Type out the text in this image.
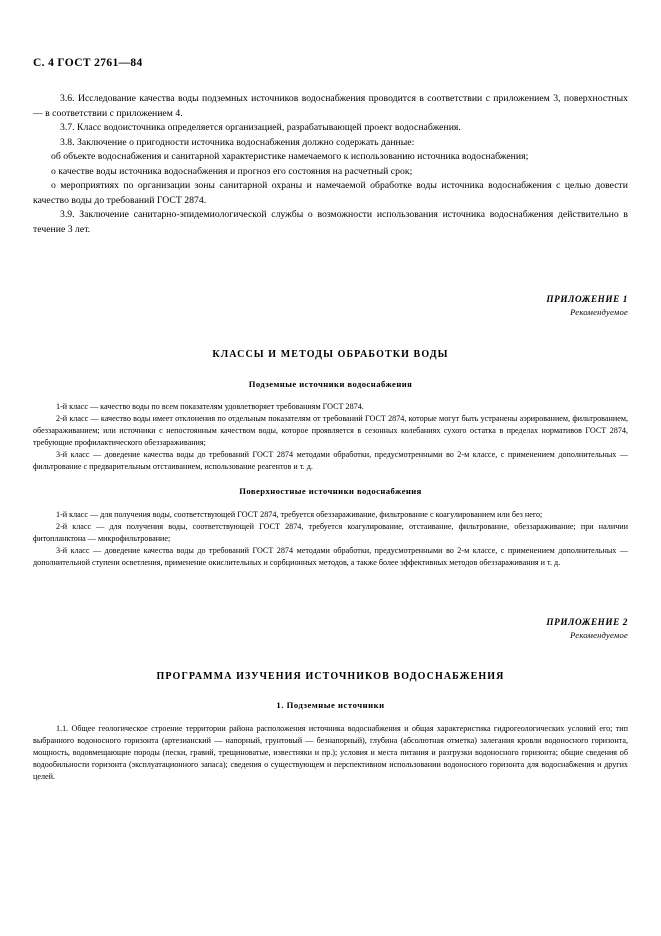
С. 4 ГОСТ 2761—84

3.6. Исследование качества воды подземных источников водоснабжения проводится в соответствии с приложением 3, поверхностных — в соответствии с приложением 4.

3.7. Класс водоисточника определяется организацией, разрабатывающей проект водоснабжения.

3.8. Заключение о пригодности источника водоснабжения должно содержать данные:

об объекте водоснабжения и санитарной характеристике намечаемого к использованию источника водоснабжения;

о качестве воды источника водоснабжения и прогноз его состояния на расчетный срок;

о мероприятиях по организации зоны санитарной охраны и намечаемой обработке воды источника водоснабжения с целью довести качество воды до требований ГОСТ 2874.

3.9. Заключение санитарно-эпидемиологической службы о возможности использования источника водоснабжения действительно в течение 3 лет.

ПРИЛОЖЕНИЕ 1
Рекомендуемое

КЛАССЫ И МЕТОДЫ ОБРАБОТКИ ВОДЫ

Подземные источники водоснабжения

1-й класс — качество воды по всем показателям удовлетворяет требованиям ГОСТ 2874.

2-й класс — качество воды имеет отклонения по отдельным показателям от требований ГОСТ 2874, которые могут быть устранены аэрированием, фильтрованием, обеззараживанием; или источники с непостоянным качеством воды, которое проявляется в сезонных колебаниях сухого остатка в пределах нормативов ГОСТ 2874, требующие профилактического обеззараживания;

3-й класс — доведение качества воды до требований ГОСТ 2874 методами обработки, предусмотренными во 2-м классе, с применением дополнительных — фильтрование с предварительным отстаиванием, использование реагентов и т. д.

Поверхностные источники водоснабжения

1-й класс — для получения воды, соответствующей ГОСТ 2874, требуется обеззараживание, фильтрование с коагулированием или без него;

2-й класс — для получения воды, соответствующей ГОСТ 2874, требуется коагулирование, отстаивание, фильтрование, обеззараживание; при наличии фитопланктона — микрофильтрование;

3-й класс — доведение качества воды до требований ГОСТ 2874 методами обработки, предусмотренными во 2-м классе, с применением дополнительных — дополнительной ступени осветления, применение окислительных и сорбционных методов, а также более эффективных методов обеззараживания и т. д.

ПРИЛОЖЕНИЕ 2
Рекомендуемое

ПРОГРАММА ИЗУЧЕНИЯ ИСТОЧНИКОВ ВОДОСНАБЖЕНИЯ

1. Подземные источники

1.1. Общее геологическое строение территории района расположения источника водоснабжения и общая характеристика гидрогеологических условий его; тип выбранного водоносного горизонта (артезианский — напорный, грунтовый — безнапорный), глубина (абсолютная отметка) залегания кровли водоносного горизонта, мощность, водовмещающие породы (пески, гравий, трещиноватые, известняки и пр.); условия и места питания и разгрузки водоносного горизонта; общие сведения об водообильности горизонта (эксплуатационного запаса); сведения о существующем и перспективном использовании водоносного горизонта для водоснабжения и других целей.
